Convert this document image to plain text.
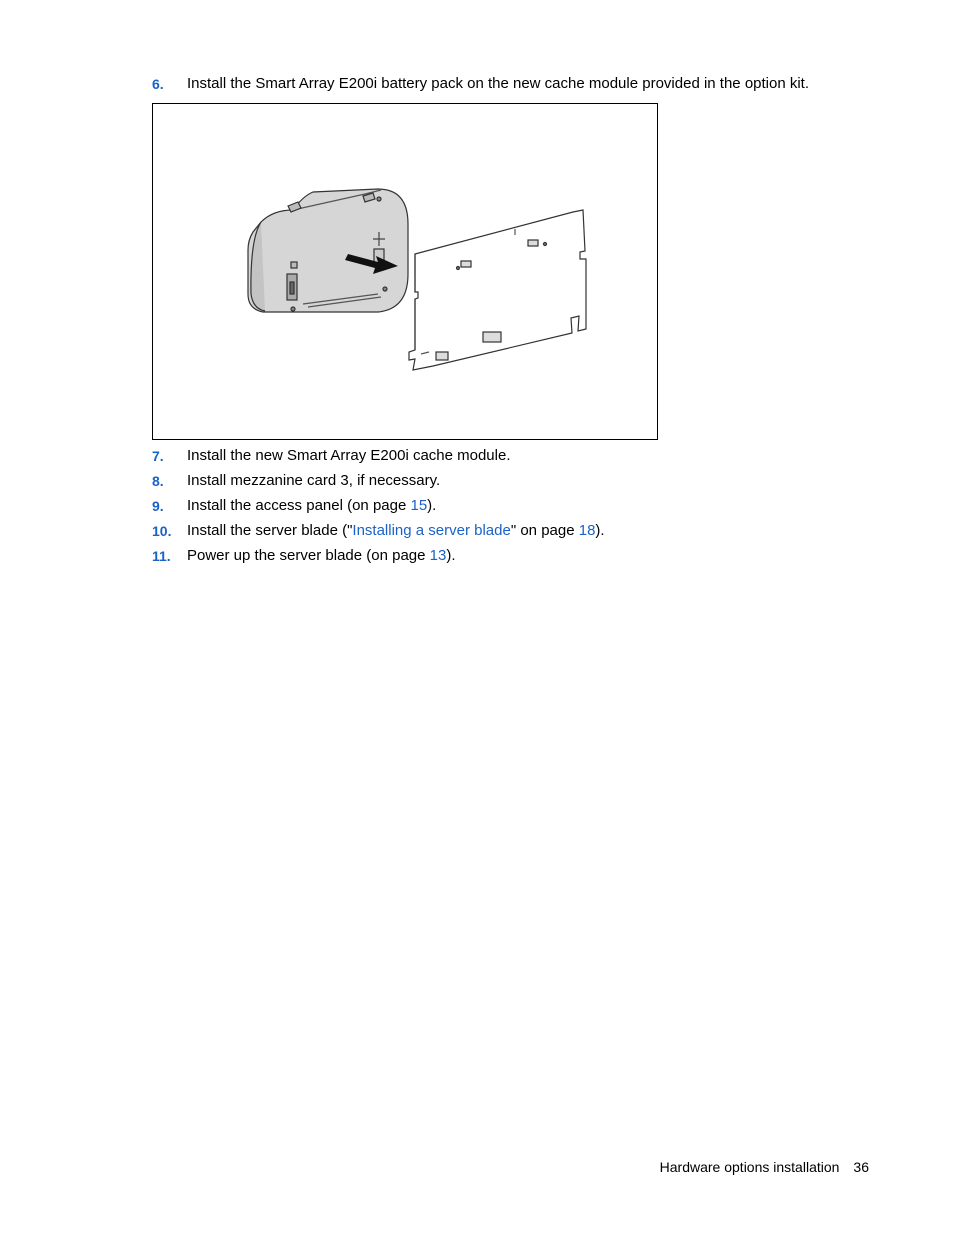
6.	Install the Smart Array E200i battery pack on the new cache module provided in the option kit.
7.	Install the new Smart Array E200i cache module.
8.	Install mezzanine card 3, if necessary.
9.	Install the access panel (on page 15).
10.	Install the server blade ("Installing a server blade" on page 18).
11.	Power up the server blade (on page 13).
Hardware options installation 36
